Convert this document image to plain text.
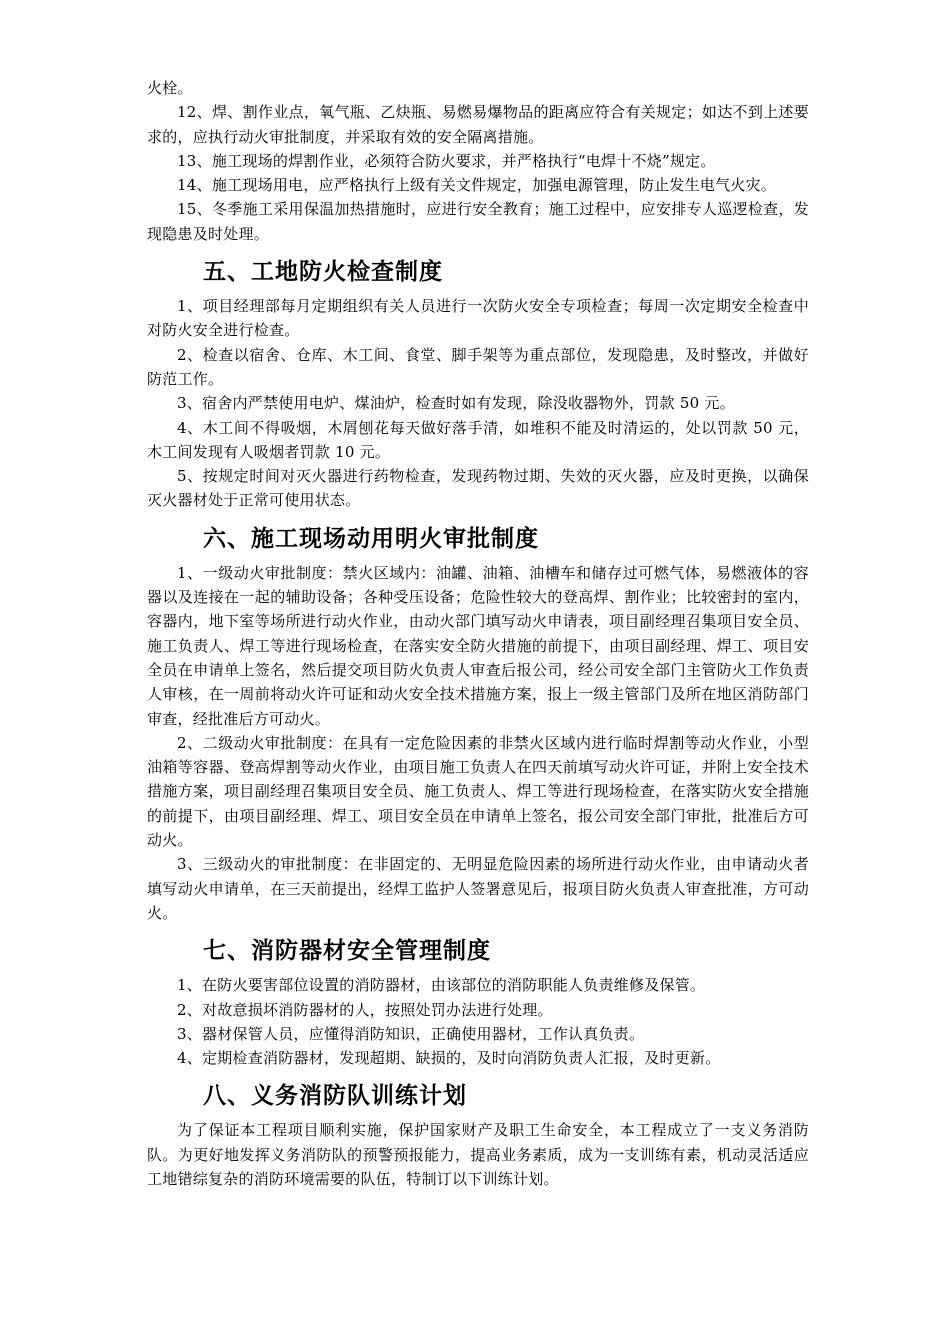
火栓。

12、焊、割作业点，氧气瓶、乙炔瓶、易燃易爆物品的距离应符合有关规定；如达不到上述要求的，应执行动火审批制度，并采取有效的安全隔离措施。

13、施工现场的焊割作业，必须符合防火要求，并严格执行“电焊十不烧”规定。

14、施工现场用电，应严格执行上级有关文件规定，加强电源管理，防止发生电气火灾。

15、冬季施工采用保温加热措施时，应进行安全教育；施工过程中，应安排专人巡逻检查，发现隐患及时处理。

五、工地防火检查制度

1、项目经理部每月定期组织有关人员进行一次防火安全专项检查；每周一次定期安全检查中对防火安全进行检查。

2、检查以宿舍、仓库、木工间、食堂、脚手架等为重点部位，发现隐患，及时整改，并做好防范工作。

3、宿舍内严禁使用电炉、煤油炉，检查时如有发现，除没收器物外，罚款 50 元。

4、木工间不得吸烟，木屑刨花每天做好落手清，如堆积不能及时清运的，处以罚款 50 元，木工间发现有人吸烟者罚款 10 元。

5、按规定时间对灭火器进行药物检查，发现药物过期、失效的灭火器，应及时更换，以确保灭火器材处于正常可使用状态。

六、施工现场动用明火审批制度

1、一级动火审批制度：禁火区域内：油罐、油箱、油槽车和储存过可燃气体，易燃液体的容器以及连接在一起的辅助设备；各种受压设备；危险性较大的登高焊、割作业；比较密封的室内，容器内，地下室等场所进行动火作业，由动火部门填写动火申请表，项目副经理召集项目安全员、施工负责人、焊工等进行现场检查，在落实安全防火措施的前提下，由项目副经理、焊工、项目安全员在申请单上签名，然后提交项目防火负责人审查后报公司，经公司安全部门主管防火工作负责人审核，在一周前将动火许可证和动火安全技术措施方案，报上一级主管部门及所在地区消防部门审查，经批准后方可动火。

2、二级动火审批制度：在具有一定危险因素的非禁火区域内进行临时焊割等动火作业，小型油箱等容器、登高焊割等动火作业，由项目施工负责人在四天前填写动火许可证，并附上安全技术措施方案，项目副经理召集项目安全员、施工负责人、焊工等进行现场检查，在落实防火安全措施的前提下，由项目副经理、焊工、项目安全员在申请单上签名，报公司安全部门审批，批准后方可动火。

3、三级动火的审批制度：在非固定的、无明显危险因素的场所进行动火作业，由申请动火者填写动火申请单，在三天前提出，经焊工监护人签署意见后，报项目防火负责人审查批准，方可动火。

七、消防器材安全管理制度

1、在防火要害部位设置的消防器材，由该部位的消防职能人负责维修及保管。

2、对故意损坏消防器材的人，按照处罚办法进行处理。

3、器材保管人员，应懂得消防知识，正确使用器材，工作认真负责。

4、定期检查消防器材，发现超期、缺损的，及时向消防负责人汇报，及时更新。

八、义务消防队训练计划

为了保证本工程项目顺利实施，保护国家财产及职工生命安全，本工程成立了一支义务消防队。为更好地发挥义务消防队的预警预报能力，提高业务素质，成为一支训练有素，机动灵活适应工地错综复杂的消防环境需要的队伍，特制订以下训练计划。
